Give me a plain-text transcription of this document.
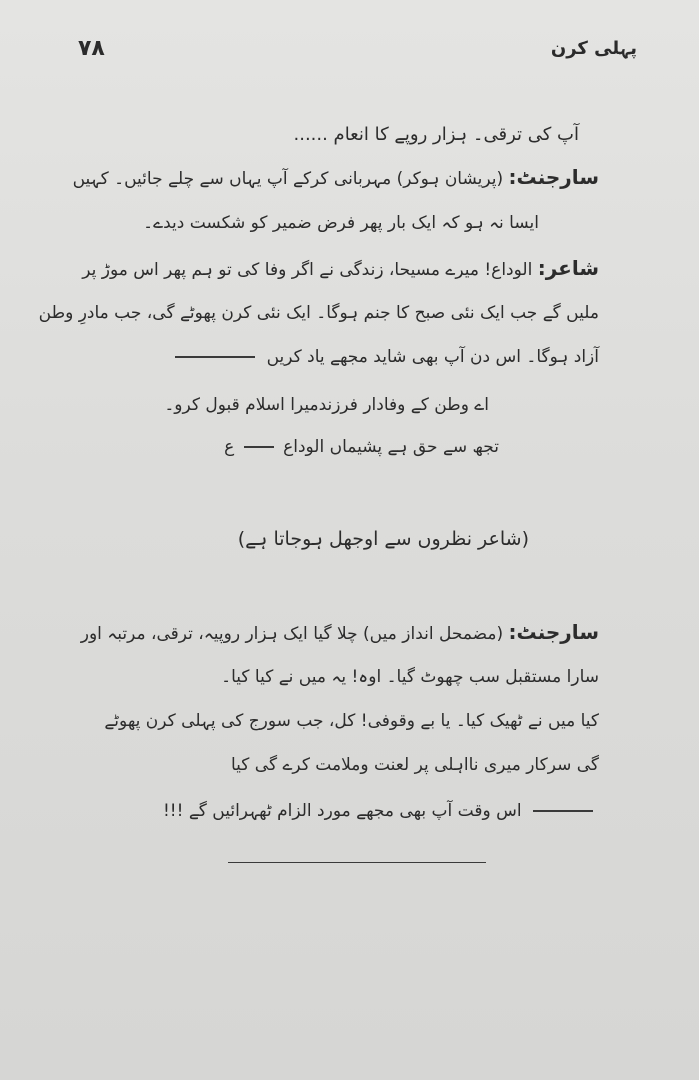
۷۸	پہلی کرن
آپ کی ترقی۔ ہزار روپے کا انعام ......
سارجنٹ: (پریشان ہوکر) مہربانی کرکے آپ یہاں سے چلے جائیں۔ کہیں
ایسا نہ ہو کہ ایک بار پھر فرض ضمیر کو شکست دیدے۔
شاعر: الوداع! میرے مسیحا، زندگی نے اگر وفا کی تو ہم پھر اس موڑ پر
ملیں گے جب ایک نئی صبح کا جنم ہوگا۔ ایک نئی کرن پھوٹے گی، جب مادرِ وطن
آزاد ہوگا۔ اس دن آپ بھی شاید مجھے یاد کریں
اے وطن کے وفادار فرزندمیرا اسلام قبول کرو۔
تجھ سے حق ہے پشیماں الوداع  ع
(شاعر نظروں سے اوجھل ہوجاتا ہے)
سارجنٹ: (مضمحل انداز میں) چلا گیا ایک ہزار روپیہ، ترقی، مرتبہ اور
سارا مستقبل سب چھوٹ گیا۔ اوہ! یہ میں نے کیا کیا۔
کیا میں نے ٹھیک کیا۔ یا بے وقوفی! کل، جب سورج کی پہلی کرن پھوٹے
گی سرکار میری نااہلی پر لعنت وملامت کرے گی کیا
اس وقت آپ بھی مجھے مورد الزام ٹھہرائیں گے !!!
